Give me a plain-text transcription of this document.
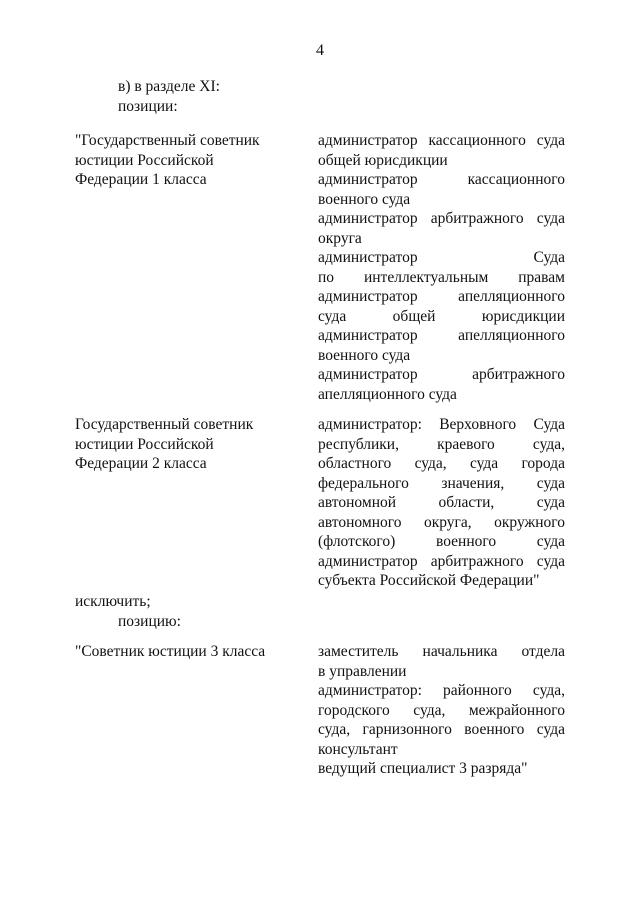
4
в) в разделе XI:
позиции:
"Государственный советник
юстиции Российской
Федерации 1 класса
администратор кассационного суда
общей юрисдикции
администратор кассационного
военного суда
администратор арбитражного суда
округа
администратор Суда
по интеллектуальным правам
администратор апелляционного
суда общей юрисдикции
администратор апелляционного
военного суда
администратор арбитражного
апелляционного суда
Государственный советник
юстиции Российской
Федерации 2 класса
администратор: Верховного Суда
республики, краевого суда,
областного суда, суда города
федерального значения, суда
автономной области, суда
автономного округа, окружного
(флотского) военного суда
администратор арбитражного суда
субъекта Российской Федерации"
исключить;
позицию:
"Советник юстиции 3 класса	заместитель начальника отдела
в управлении
администратор: районного суда,
городского суда, межрайонного
суда, гарнизонного военного суда
консультант
ведущий специалист 3 разряда"
